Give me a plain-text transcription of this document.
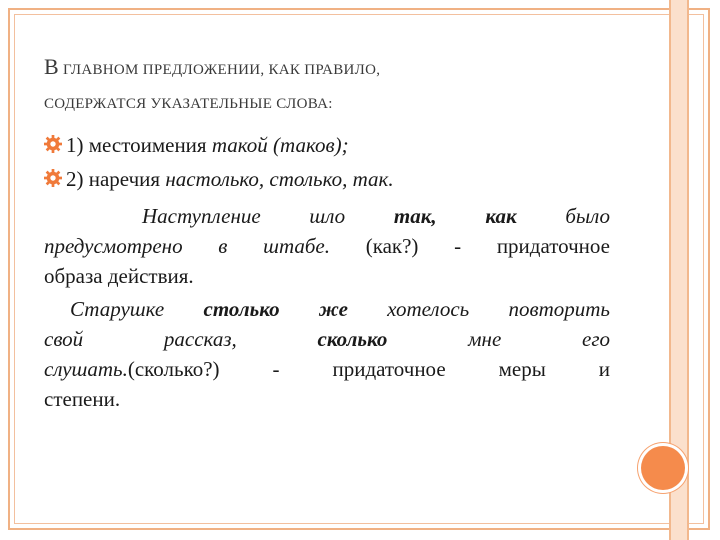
В ГЛАВНОМ ПРЕДЛОЖЕНИИ, КАК ПРАВИЛО,
СОДЕРЖАТСЯ УКАЗАТЕЛЬНЫЕ СЛОВА:
1) местоимения такой (таков);
2) наречия настолько, столько, так.
Наступление шло так, как было
предусмотрено в штабе. (как?) - придаточное
образа действия.
Старушке столько же хотелось повторить
свой рассказ,	сколько	мне его
слушать.(сколько?)	- придаточное меры и
степени.
